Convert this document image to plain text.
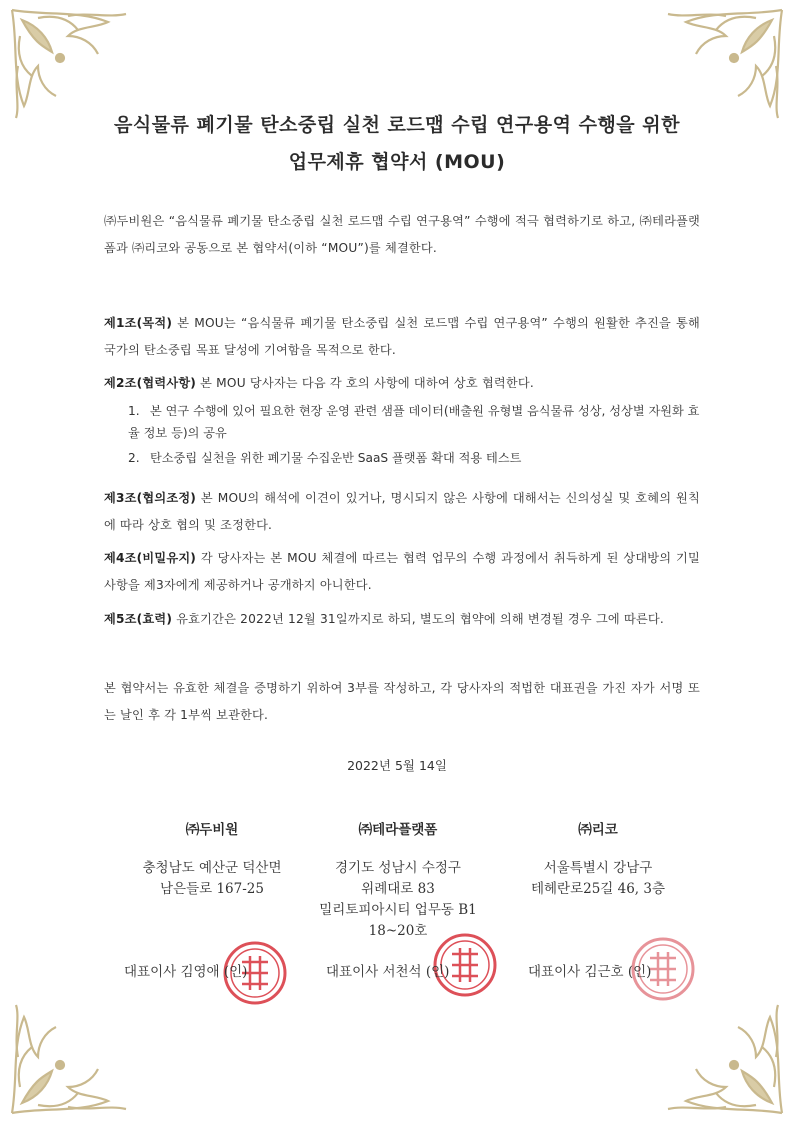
음식물류 폐기물 탄소중립 실천 로드맵 수립 연구용역 수행을 위한
업무제휴 협약서 (MOU)
㈜두비원은 “음식물류 폐기물 탄소중립 실천 로드맵 수립 연구용역” 수행에 적극 협력하기로 하고, ㈜테라플랫폼과 ㈜리코와 공동으로 본 협약서(이하 “MOU”)를 체결한다.
제1조(목적) 본 MOU는 “음식물류 폐기물 탄소중립 실천 로드맵 수립 연구용역” 수행의 원활한 추진을 통해 국가의 탄소중립 목표 달성에 기여함을 목적으로 한다.
제2조(협력사항) 본 MOU 당사자는 다음 각 호의 사항에 대하여 상호 협력한다.
1. 본 연구 수행에 있어 필요한 현장 운영 관련 샘플 데이터(배출원 유형별 음식물류 성상, 성상별 자원화 효율 정보 등)의 공유
2. 탄소중립 실천을 위한 폐기물 수집운반 SaaS 플랫폼 확대 적용 테스트
제3조(협의조정) 본 MOU의 해석에 이견이 있거나, 명시되지 않은 사항에 대해서는 신의성실 및 호혜의 원칙에 따라 상호 협의 및 조정한다.
제4조(비밀유지) 각 당사자는 본 MOU 체결에 따르는 협력 업무의 수행 과정에서 취득하게 된 상대방의 기밀사항을 제3자에게 제공하거나 공개하지 아니한다.
제5조(효력) 유효기간은 2022년 12월 31일까지로 하되, 별도의 협약에 의해 변경될 경우 그에 따른다.
본 협약서는 유효한 체결을 증명하기 위하여 3부를 작성하고, 각 당사자의 적법한 대표권을 가진 자가 서명 또는 날인 후 각 1부씩 보관한다.
2022년 5월 14일
㈜두비원
충청남도 예산군 덕산면
남은들로 167-25
대표이사 김영애 (인)
㈜테라플랫폼
경기도 성남시 수정구
위례대로 83
밀리토피아시티 업무동 B1
18~20호
대표이사 서천석 (인)
㈜리코
서울특별시 강남구
테헤란로25길 46, 3층
대표이사 김근호 (인)
